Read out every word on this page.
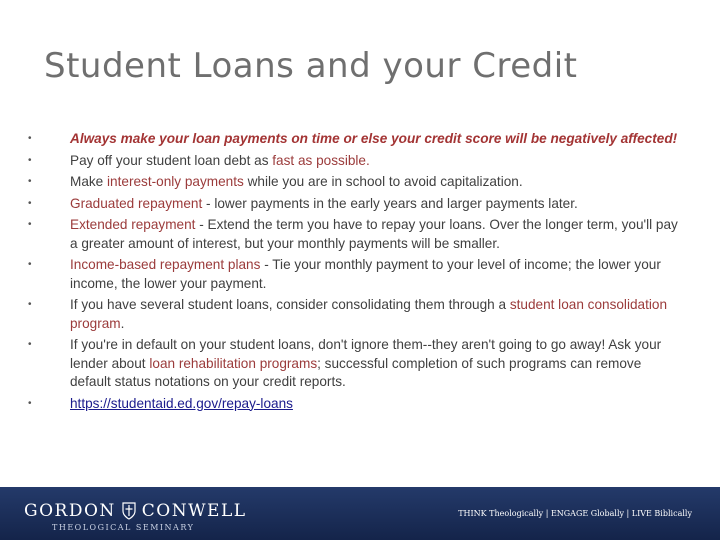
Student Loans and your Credit
•	Always make your loan payments on time or else your credit score will be negatively affected!
•	Pay off your student loan debt as fast as possible.
•	Make interest-only payments while you are in school to avoid capitalization.
•	Graduated repayment - lower payments in the early years and larger payments later.
•	Extended repayment - Extend the term you have to repay your loans. Over the longer term, you'll pay a greater amount of interest, but your monthly payments will be smaller.
•	Income-based repayment plans - Tie your monthly payment to your level of income; the lower your income, the lower your payment.
•	If you have several student loans, consider consolidating them through a student loan consolidation program.
•	If you're in default on your student loans, don't ignore them--they aren't going to go away! Ask your lender about loan rehabilitation programs; successful completion of such programs can remove default status notations on your credit reports.
•	https://studentaid.ed.gov/repay-loans
GORDON CONWELL
THEOLOGICAL SEMINARY
THINK Theologically | ENGAGE Globally | LIVE Biblically
